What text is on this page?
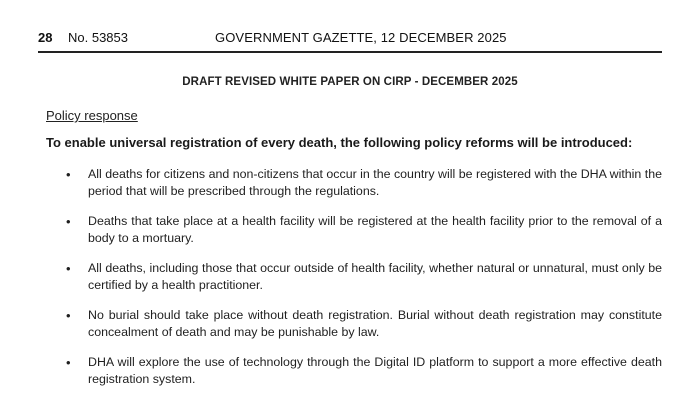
28 No. 53853	GOVERNMENT GAZETTE, 12 DECEMBER 2025
DRAFT REVISED WHITE PAPER ON CIRP - DECEMBER 2025
Policy response
To enable universal registration of every death, the following policy reforms will be introduced:
• All deaths for citizens and non-citizens that occur in the country will be registered with the DHA within the period that will be prescribed through the regulations.
• Deaths that take place at a health facility will be registered at the health facility prior to the removal of a body to a mortuary.
• All deaths, including those that occur outside of health facility, whether natural or unnatural, must only be certified by a health practitioner.
• No burial should take place without death registration. Burial without death registration may constitute concealment of death and may be punishable by law.
• DHA will explore the use of technology through the Digital ID platform to support a more effective death registration system.
